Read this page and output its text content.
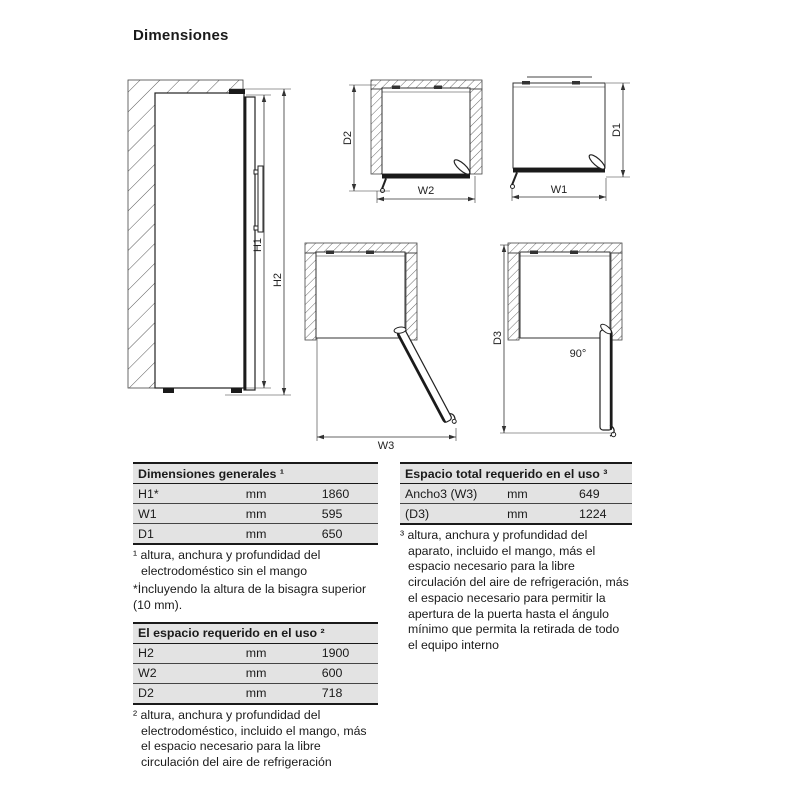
Dimensiones
H1
H2
D2
W2
D1
W1
W3
90°
D3
Dimensiones generales ¹		
H1*	mm	1860
W1	mm	595
D1	mm	650

¹ altura, anchura y profundidad del electrodoméstico sin el mango

*İncluyendo la altura de la bisagra superior (10 mm).

El espacio requerido en el uso ²		
H2	mm	1900
W2	mm	600
D2	mm	718

² altura, anchura y profundidad del electrodoméstico, incluido el mango, más el espacio necesario para la libre circulación del aire de refrigeración

Espacio total requerido en el uso ³		
Ancho3 (W3)	mm	649
(D3)	mm	1224

³ altura, anchura y profundidad del aparato, incluido el mango, más el espacio necesario para la libre circulación del aire de refrigeración, más el espacio necesario para permitir la apertura de la puerta hasta el ángulo mínimo que permita la retirada de todo el equipo interno
